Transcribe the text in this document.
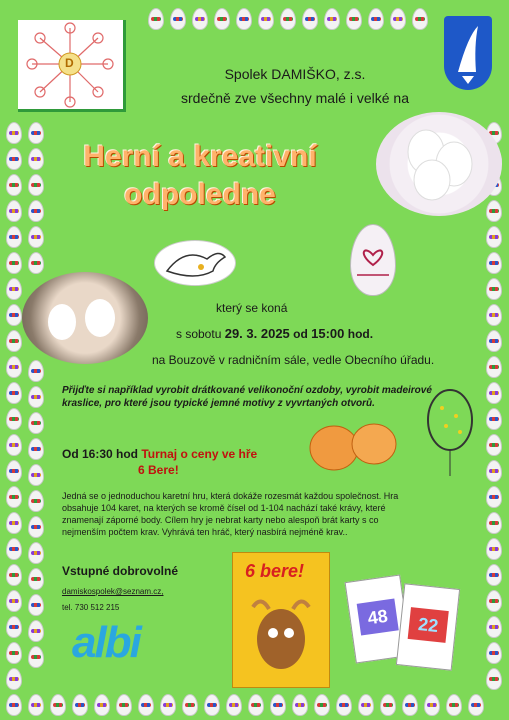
D
Spolek DAMIŠKO, z.s.
srdečně zve všechny malé i velké na
Herní a kreativní
odpoledne
který se koná
s sobotu 29. 3. 2025 od 15:00 hod.
na Bouzově v radničním sále, vedle Obecního úřadu.
Přijďte si například vyrobit drátkované velikonoční ozdoby, vyrobit madeirové kraslice, pro které jsou typické jemné motivy z vyvrtaných otvorů.
Od 16:30 hod Turnaj o ceny ve hře
6 Bere!
Jedná se o jednoduchou karetní hru, která dokáže rozesmát každou společnost. Hra obsahuje 104 karet, na kterých se kromě čísel od 1-104 nachází také krávy, které znamenají záporné body. Cílem hry je nebrat karty nebo alespoň brát karty s co nejmenším počtem krav. Vyhrává ten hráč, který nasbírá nejméně krav..
Vstupné dobrovolné
damiskospolek@seznam.cz,
tel. 730 512 215
albi
6 bere!
48	22
